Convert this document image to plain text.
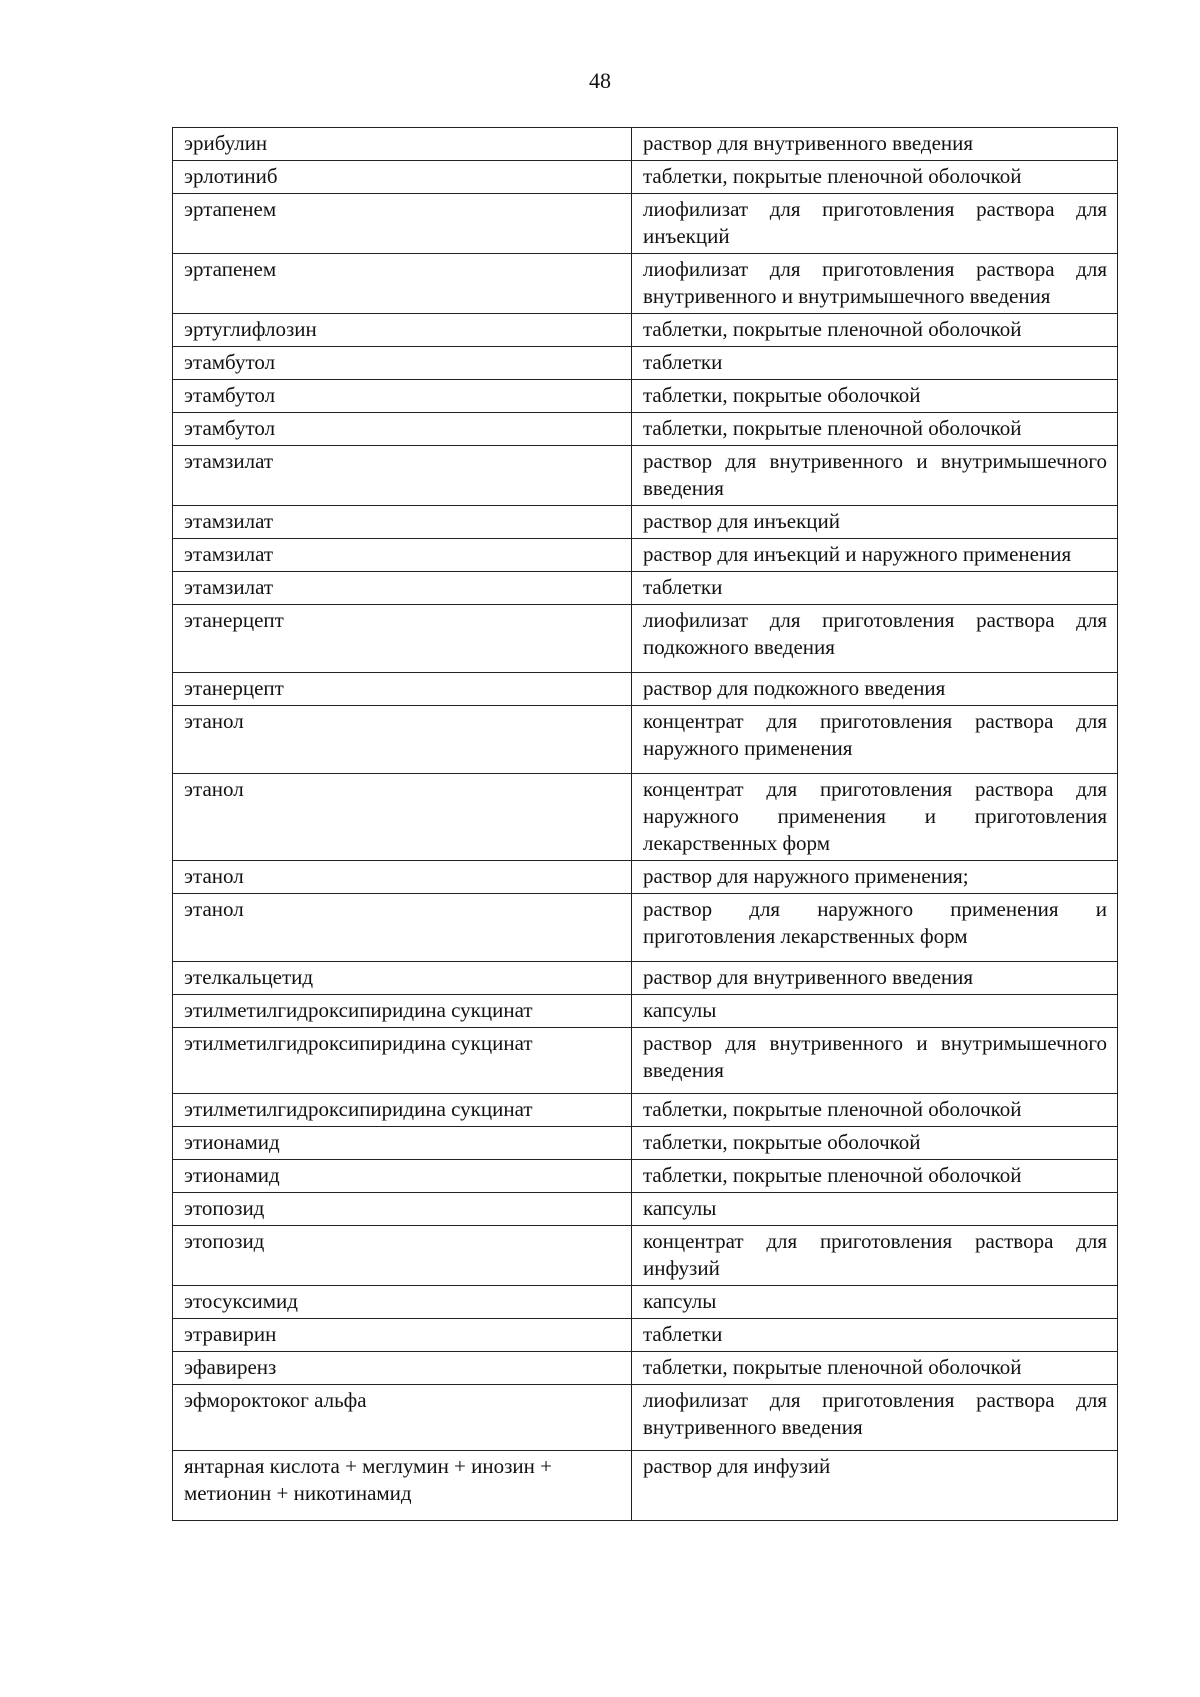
48
эрибулин	раствор для внутривенного введения
эрлотиниб	таблетки, покрытые пленочной оболочкой
эртапенем	лиофилизат для приготовления раствора для инъекций
эртапенем	лиофилизат для приготовления раствора для внутривенного и внутримышечного введения
эртуглифлозин	таблетки, покрытые пленочной оболочкой
этамбутол	таблетки
этамбутол	таблетки, покрытые оболочкой
этамбутол	таблетки, покрытые пленочной оболочкой
этамзилат	раствор для внутривенного и внутримышечного введения
этамзилат	раствор для инъекций
этамзилат	раствор для инъекций и наружного применения
этамзилат	таблетки
этанерцепт	лиофилизат для приготовления раствора для подкожного введения
этанерцепт	раствор для подкожного введения
этанол	концентрат для приготовления раствора для наружного применения
этанол	концентрат для приготовления раствора для наружного применения и приготовления лекарственных форм
этанол	раствор для наружного применения;
этанол	раствор для наружного применения и приготовления лекарственных форм
этелкальцетид	раствор для внутривенного введения
этилметилгидроксипиридина сукцинат	капсулы
этилметилгидроксипиридина сукцинат	раствор для внутривенного и внутримышечного введения
этилметилгидроксипиридина сукцинат	таблетки, покрытые пленочной оболочкой
этионамид	таблетки, покрытые оболочкой
этионамид	таблетки, покрытые пленочной оболочкой
этопозид	капсулы
этопозид	концентрат для приготовления раствора для инфузий
этосуксимид	капсулы
этравирин	таблетки
эфавиренз	таблетки, покрытые пленочной оболочкой
эфмороктоког альфа	лиофилизат для приготовления раствора для внутривенного введения
янтарная кислота + меглумин + инозин + метионин + никотинамид	раствор для инфузий
